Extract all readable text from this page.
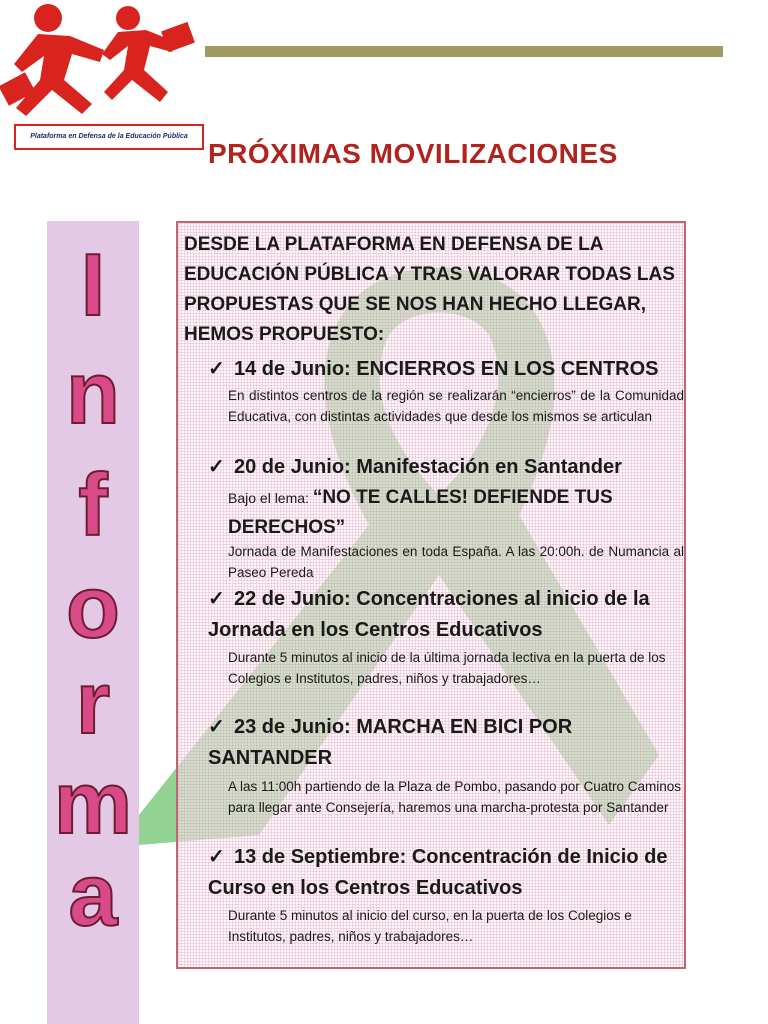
Plataforma en Defensa de la Educación Pública
PRÓXIMAS MOVILIZACIONES
I
n
f
o
r
m
a
DESDE LA PLATAFORMA EN DEFENSA DE LA EDUCACIÓN PÚBLICA Y TRAS VALORAR TODAS LAS PROPUESTAS QUE SE NOS HAN HECHO LLEGAR, HEMOS PROPUESTO:
✓ 14 de Junio: ENCIERROS EN LOS CENTROS
En distintos centros de la región se realizarán “encierros” de la Comunidad Educativa, con distintas actividades que desde los mismos se articulan
✓ 20 de Junio: Manifestación en Santander
Bajo el lema: “NO TE CALLES! DEFIENDE TUS DERECHOS”
Jornada de Manifestaciones en toda España. A las 20:00h. de Numancia al Paseo Pereda
✓ 22 de Junio: Concentraciones al inicio de la Jornada en los Centros Educativos
Durante 5 minutos al inicio de la última jornada lectiva en la puerta de los Colegios e Institutos, padres, niños y trabajadores…
✓ 23 de Junio: MARCHA EN BICI POR SANTANDER
A las 11:00h partiendo de la Plaza de Pombo, pasando por Cuatro Caminos para llegar ante Consejería, haremos una marcha-protesta por Santander
✓ 13 de Septiembre: Concentración de Inicio de Curso en los Centros Educativos
Durante 5 minutos al inicio del curso, en la puerta de los Colegios e Institutos, padres, niños y trabajadores…
